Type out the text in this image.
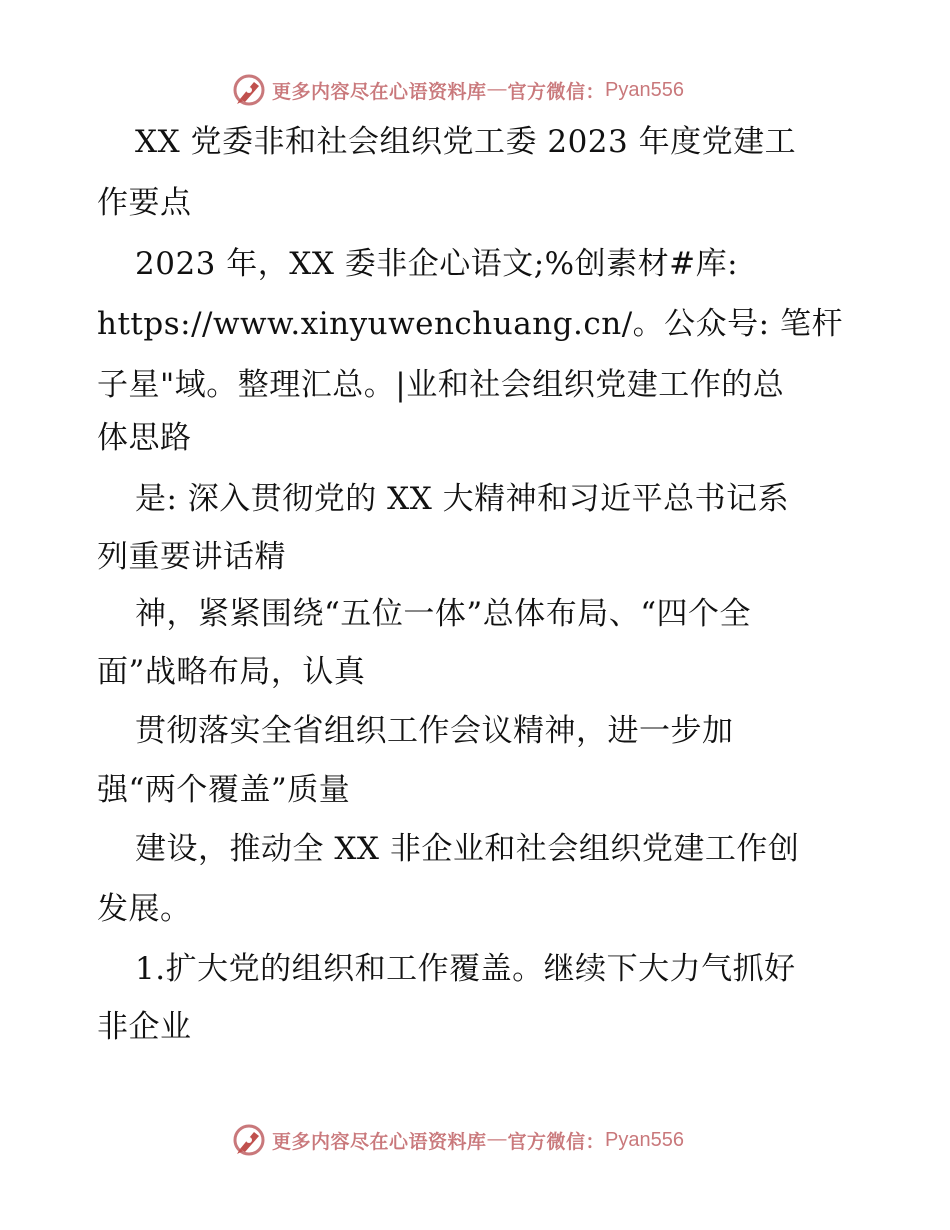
更多内容尽在心语资料库 — 官方微信： Pyan556
XX 党委非和社会组织党工委 2023 年度党建工
作要点
2023 年，XX 委非企心语文;%创素材#库:
https://www.xinyuwenchuang.cn/。公众号: 笔杆
子星"域。整理汇总。|业和社会组织党建工作的总
体思路
是: 深入贯彻党的 XX 大精神和习近平总书记系
列重要讲话精
神，紧紧围绕“五位一体”总体布局、“四个全
面”战略布局，认真
贯彻落实全省组织工作会议精神，进一步加
强“两个覆盖”质量
建设，推动全 XX 非企业和社会组织党建工作创
发展。
1.扩大党的组织和工作覆盖。继续下大力气抓好
非企业
更多内容尽在心语资料库 — 官方微信： Pyan556
